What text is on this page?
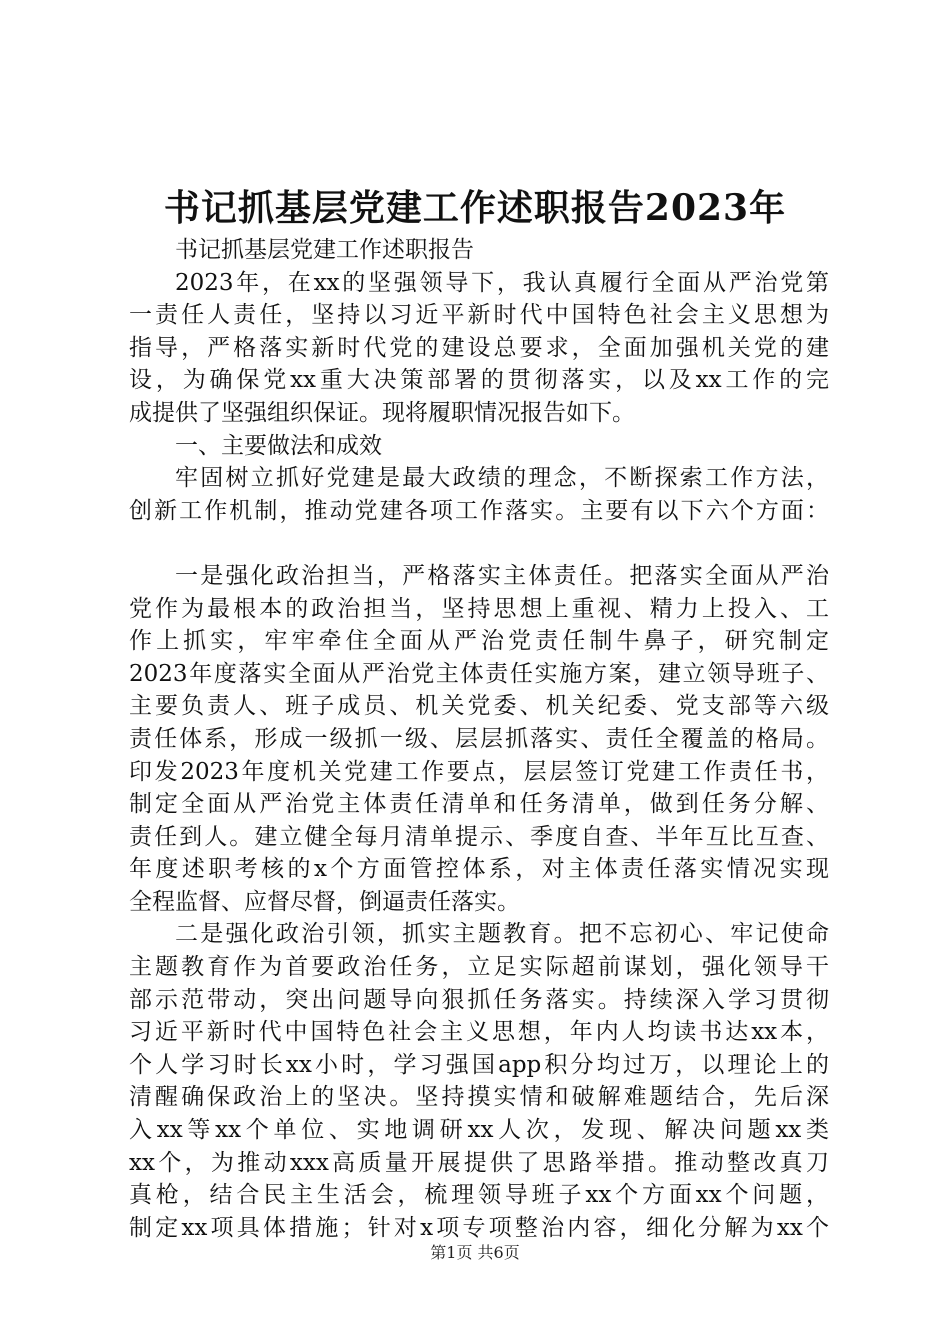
书记抓基层党建工作述职报告2023年
书记抓基层党建工作述职报告
2023年，在xx的坚强领导下，我认真履行全面从严治党第
一责任人责任，坚持以习近平新时代中国特色社会主义思想为
指导，严格落实新时代党的建设总要求，全面加强机关党的建
设，为确保党xx重大决策部署的贯彻落实，以及xx工作的完
成提供了坚强组织保证。现将履职情况报告如下。
一、主要做法和成效
牢固树立抓好党建是最大政绩的理念，不断探索工作方法，
创新工作机制，推动党建各项工作落实。主要有以下六个方面：
一是强化政治担当，严格落实主体责任。把落实全面从严治
党作为最根本的政治担当，坚持思想上重视、精力上投入、工
作上抓实，牢牢牵住全面从严治党责任制牛鼻子，研究制定
2023年度落实全面从严治党主体责任实施方案，建立领导班子、
主要负责人、班子成员、机关党委、机关纪委、党支部等六级
责任体系，形成一级抓一级、层层抓落实、责任全覆盖的格局。
印发2023年度机关党建工作要点，层层签订党建工作责任书，
制定全面从严治党主体责任清单和任务清单，做到任务分解、
责任到人。建立健全每月清单提示、季度自查、半年互比互查、
年度述职考核的x个方面管控体系，对主体责任落实情况实现
全程监督、应督尽督，倒逼责任落实。
二是强化政治引领，抓实主题教育。把不忘初心、牢记使命
主题教育作为首要政治任务，立足实际超前谋划，强化领导干
部示范带动，突出问题导向狠抓任务落实。持续深入学习贯彻
习近平新时代中国特色社会主义思想，年内人均读书达xx本，
个人学习时长xx小时，学习强国app积分均过万，以理论上的
清醒确保政治上的坚决。坚持摸实情和破解难题结合，先后深
入xx等xx个单位、实地调研xx人次，发现、解决问题xx类
xx个，为推动xxx高质量开展提供了思路举措。推动整改真刀
真枪，结合民主生活会，梳理领导班子xx个方面xx个问题，
制定xx项具体措施；针对x项专项整治内容，细化分解为xx个
第1页 共6页
